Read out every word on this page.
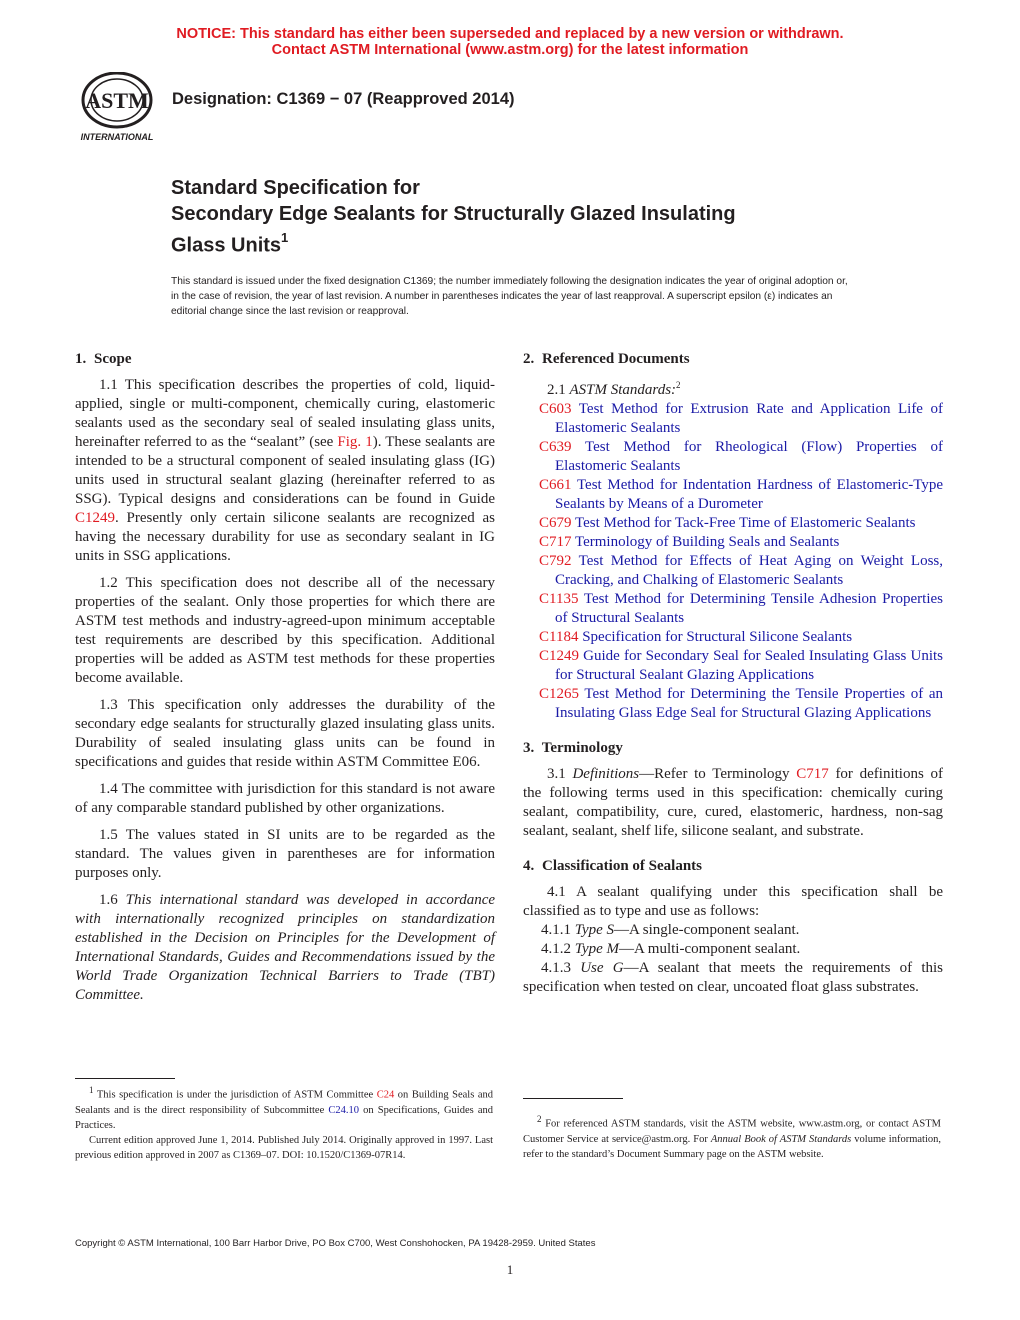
NOTICE: This standard has either been superseded and replaced by a new version or withdrawn.
Contact ASTM International (www.astm.org) for the latest information
ASTM
INTERNATIONAL
Designation: C1369 − 07 (Reapproved 2014)
Standard Specification for
Secondary Edge Sealants for Structurally Glazed Insulating
Glass Units$^1$
This standard is issued under the fixed designation C1369; the number immediately following the designation indicates the year of original adoption or, in the case of revision, the year of last revision. A number in parentheses indicates the year of last reapproval. A superscript epsilon (ε) indicates an editorial change since the last revision or reapproval.
1. Scope

1.1 This specification describes the properties of cold, liquid-applied, single or multi-component, chemically curing, elastomeric sealants used as the secondary seal of sealed insulating glass units, hereinafter referred to as the “sealant” (see Fig. 1). These sealants are intended to be a structural component of sealed insulating glass (IG) units used in structural sealant glazing (hereinafter referred to as SSG). Typical designs and considerations can be found in Guide C1249. Presently only certain silicone sealants are recognized as having the necessary durability for use as secondary sealant in IG units in SSG applications.

1.2 This specification does not describe all of the necessary properties of the sealant. Only those properties for which there are ASTM test methods and industry-agreed-upon minimum acceptable test requirements are described by this specification. Additional properties will be added as ASTM test methods for these properties become available.

1.3 This specification only addresses the durability of the secondary edge sealants for structurally glazed insulating glass units. Durability of sealed insulating glass units can be found in specifications and guides that reside within ASTM Committee E06.

1.4 The committee with jurisdiction for this standard is not aware of any comparable standard published by other organizations.

1.5 The values stated in SI units are to be regarded as the standard. The values given in parentheses are for information purposes only.

1.6 This international standard was developed in accordance with internationally recognized principles on standardization established in the Decision on Principles for the Development of International Standards, Guides and Recommendations issued by the World Trade Organization Technical Barriers to Trade (TBT) Committee.

2. Referenced Documents

2.1 ASTM Standards:$^2$

C603 Test Method for Extrusion Rate and Application Life of Elastomeric Sealants
C639 Test Method for Rheological (Flow) Properties of Elastomeric Sealants
C661 Test Method for Indentation Hardness of Elastomeric-Type Sealants by Means of a Durometer
C679 Test Method for Tack-Free Time of Elastomeric Sealants
C717 Terminology of Building Seals and Sealants
C792 Test Method for Effects of Heat Aging on Weight Loss, Cracking, and Chalking of Elastomeric Sealants
C1135 Test Method for Determining Tensile Adhesion Properties of Structural Sealants
C1184 Specification for Structural Silicone Sealants
C1249 Guide for Secondary Seal for Sealed Insulating Glass Units for Structural Sealant Glazing Applications
C1265 Test Method for Determining the Tensile Properties of an Insulating Glass Edge Seal for Structural Glazing Applications
3. Terminology

3.1 Definitions—Refer to Terminology C717 for definitions of the following terms used in this specification: chemically curing sealant, compatibility, cure, cured, elastomeric, hardness, non-sag sealant, sealant, shelf life, silicone sealant, and substrate.

4. Classification of Sealants

4.1 A sealant qualifying under this specification shall be classified as to type and use as follows:

4.1.1 Type S—A single-component sealant.
4.1.2 Type M—A multi-component sealant.
4.1.3 Use G—A sealant that meets the requirements of this specification when tested on clear, uncoated float glass substrates.

$^1$ This specification is under the jurisdiction of ASTM Committee C24 on Building Seals and Sealants and is the direct responsibility of Subcommittee C24.10 on Specifications, Guides and Practices.

Current edition approved June 1, 2014. Published July 2014. Originally approved in 1997. Last previous edition approved in 2007 as C1369–07. DOI: 10.1520/C1369-07R14.

$^2$ For referenced ASTM standards, visit the ASTM website, www.astm.org, or contact ASTM Customer Service at service@astm.org. For Annual Book of ASTM Standards volume information, refer to the standard’s Document Summary page on the ASTM website.

Copyright © ASTM International, 100 Barr Harbor Drive, PO Box C700, West Conshohocken, PA 19428-2959. United States
1
